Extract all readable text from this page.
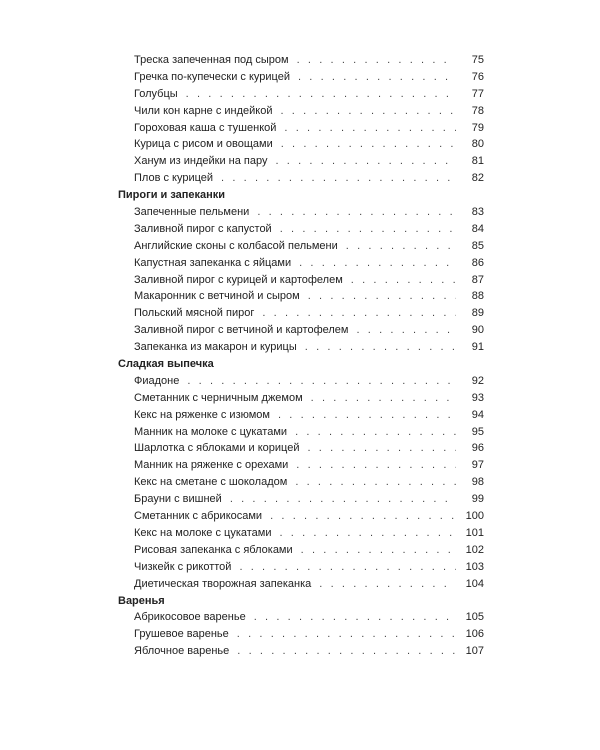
Треска запеченная под сыром . . .	75
Гречка по-купечески с курицей . . .	76
Голубцы . . .	77
Чили кон карне с индейкой . . .	78
Гороховая каша с тушенкой . . .	79
Курица с рисом и овощами . . .	80
Ханум из индейки на пару . . .	81
Плов с курицей . . .	82
Пироги и запеканки
Запеченные пельмени . . .	83
Заливной пирог с капустой . . .	84
Английские сконы с колбасой пельмени . . .	85
Капустная запеканка с яйцами . . .	86
Заливной пирог с курицей и картофелем . . .	87
Макаронник с ветчиной и сыром . . .	88
Польский мясной пирог . . .	89
Заливной пирог с ветчиной и картофелем . . .	90
Запеканка из макарон и курицы . . .	91
Сладкая выпечка
Фиадоне . . .	92
Сметанник с черничным джемом . . .	93
Кекс на ряженке с изюмом . . .	94
Манник на молоке с цукатами . . .	95
Шарлотка с яблоками и корицей . . .	96
Манник на ряженке с орехами . . .	97
Кекс на сметане с шоколадом . . .	98
Брауни с вишней . . .	99
Сметанник с абрикосами . . .	100
Кекс на молоке с цукатами . . .	101
Рисовая запеканка с яблоками . . .	102
Чизкейк с рикоттой . . .	103
Диетическая творожная запеканка . . .	104
Варенья
Абрикосовое варенье . . .	105
Грушевое варенье . . .	106
Яблочное варенье . . .	107
